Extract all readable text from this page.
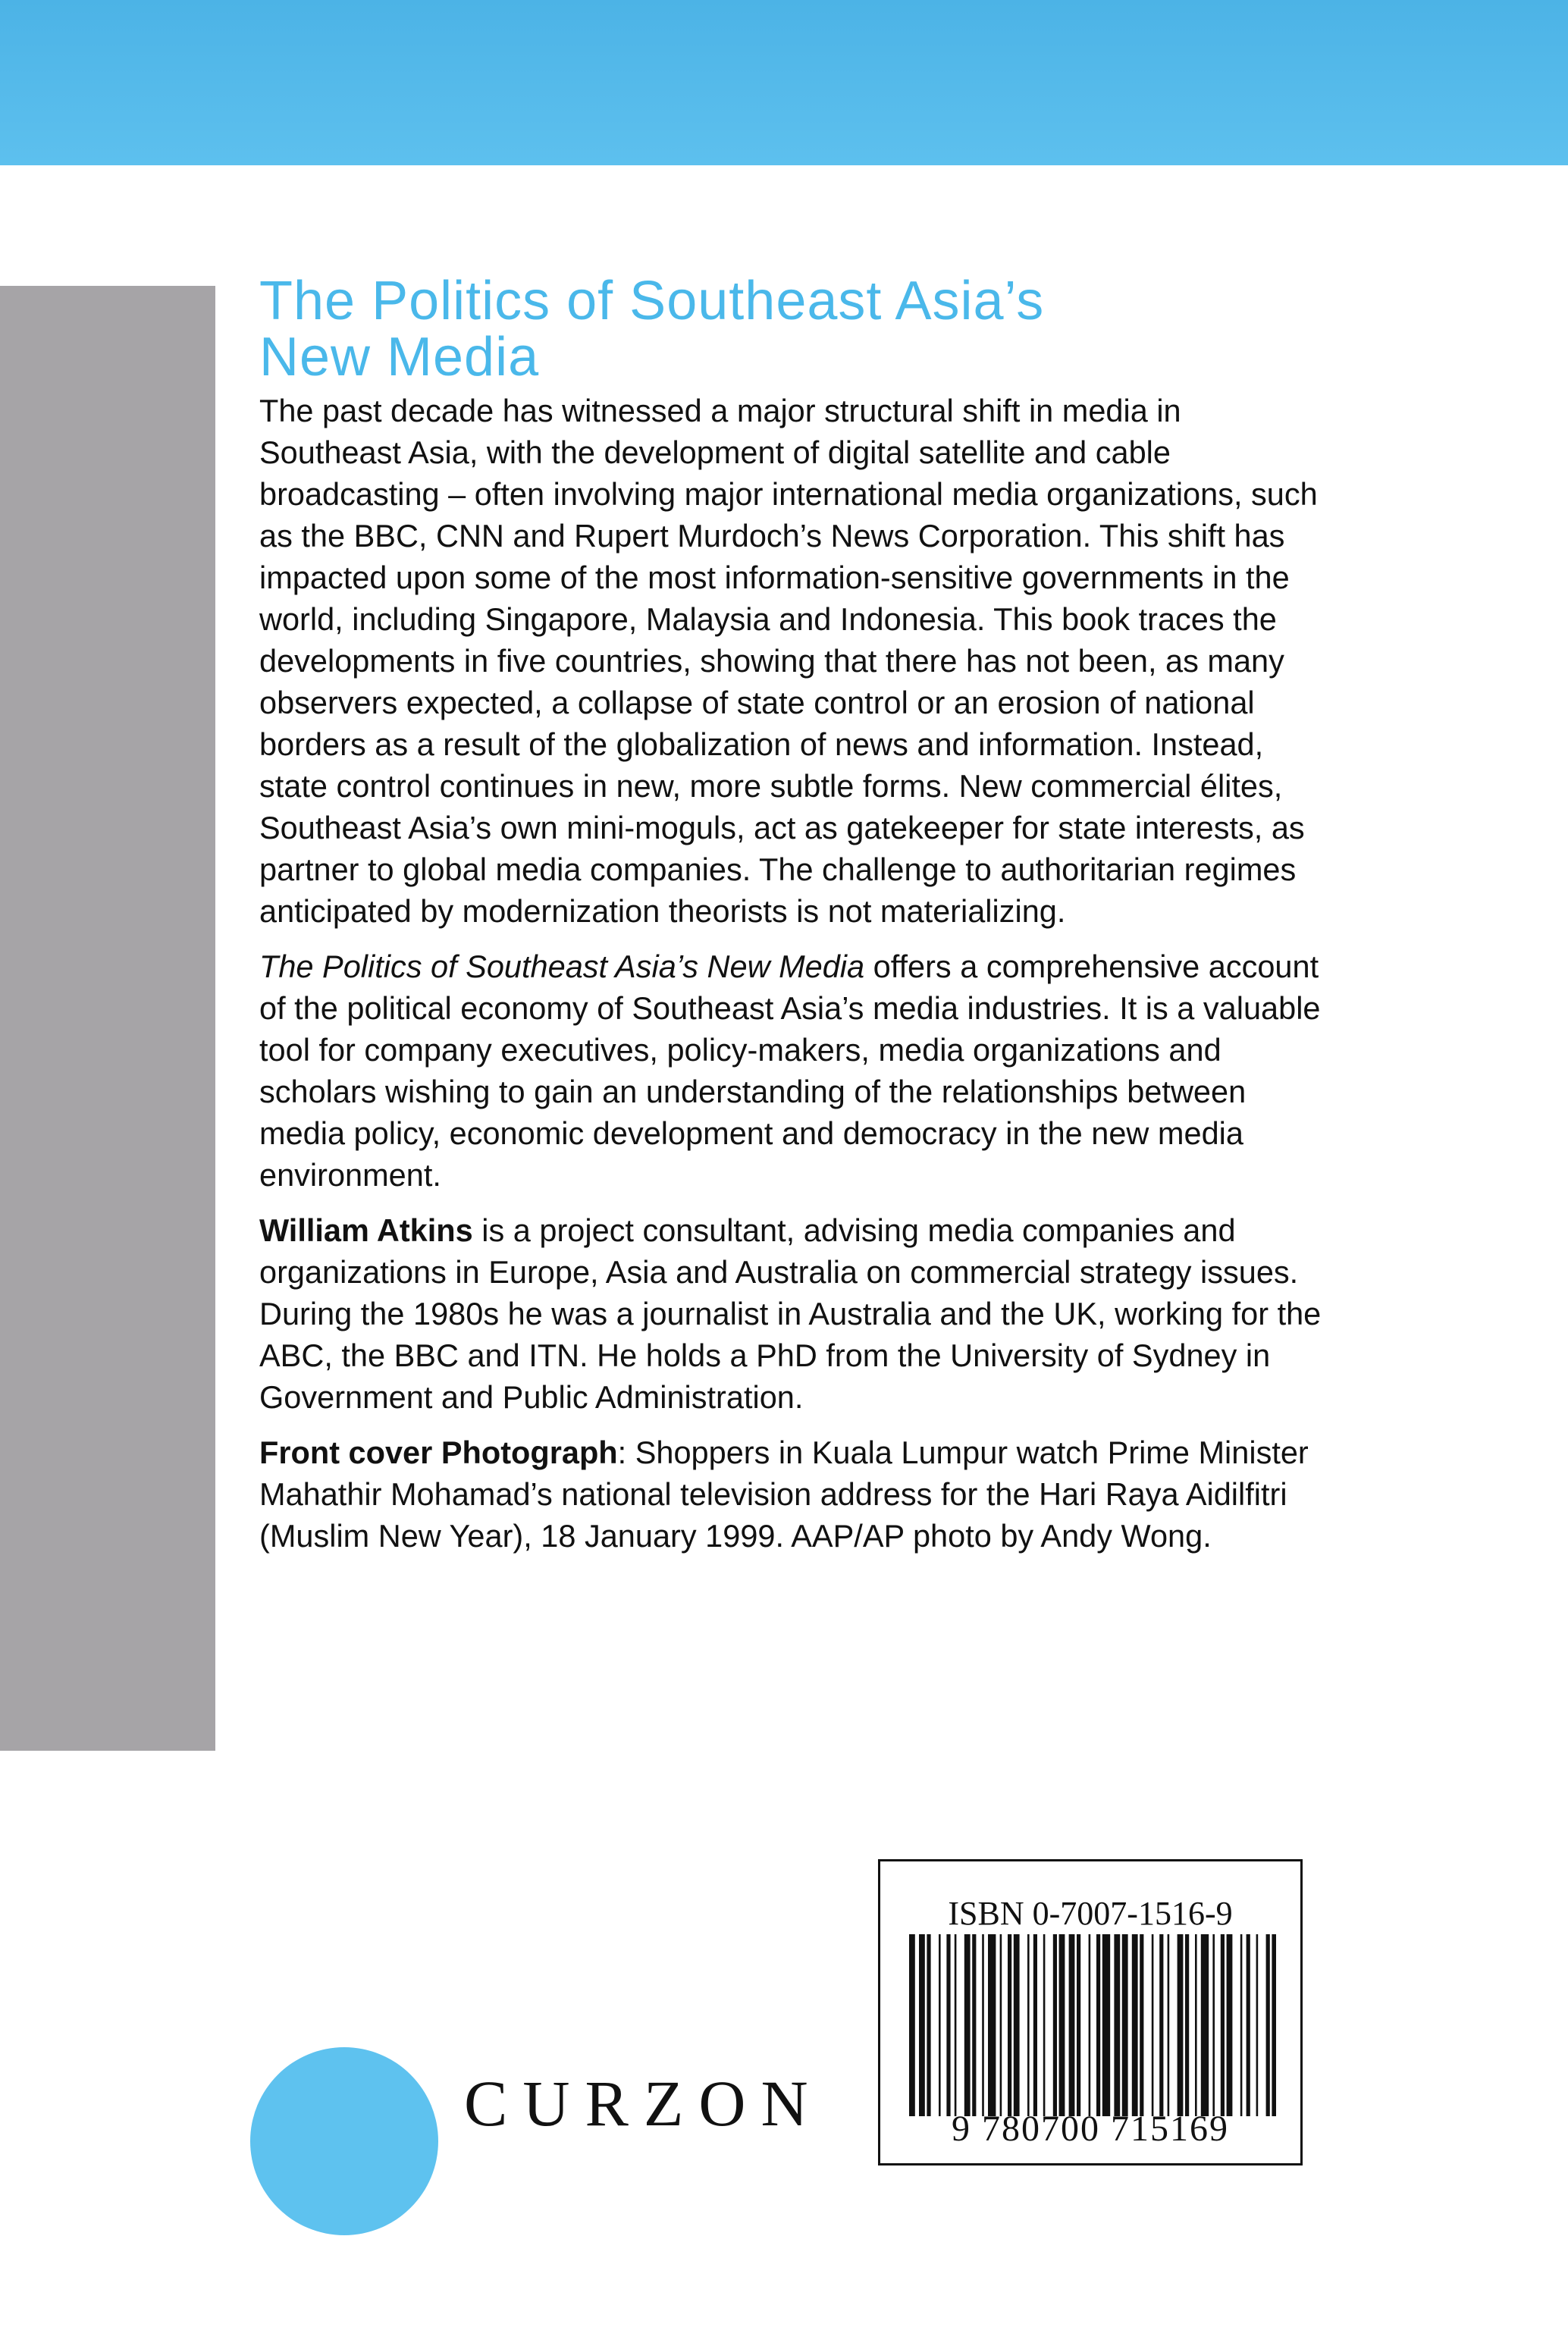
The Politics of Southeast Asia’s
New Media

The past decade has witnessed a major structural shift in media in Southeast Asia, with the development of digital satellite and cable broadcasting – often involving major international media organizations, such as the BBC, CNN and Rupert Murdoch’s News Corporation. This shift has impacted upon some of the most information-sensitive governments in the world, including Singapore, Malaysia and Indonesia. This book traces the developments in five countries, showing that there has not been, as many observers expected, a collapse of state control or an erosion of national borders as a result of the globalization of news and information. Instead, state control continues in new, more subtle forms. New commercial élites, Southeast Asia’s own mini-moguls, act as gatekeeper for state interests, as partner to global media companies. The challenge to authoritarian regimes anticipated by modernization theorists is not materializing.

The Politics of Southeast Asia’s New Media offers a comprehensive account of the political economy of Southeast Asia’s media industries. It is a valuable tool for company executives, policy-makers, media organizations and scholars wishing to gain an understanding of the relationships between media policy, economic development and democracy in the new media environment.

William Atkins is a project consultant, advising media companies and organizations in Europe, Asia and Australia on commercial strategy issues. During the 1980s he was a journalist in Australia and the UK, working for the ABC, the BBC and ITN. He holds a PhD from the University of Sydney in Government and Public Administration.

Front cover Photograph: Shoppers in Kuala Lumpur watch Prime Minister Mahathir Mohamad’s national television address for the Hari Raya Aidilfitri (Muslim New Year), 18 January 1999. AAP/AP photo by Andy Wong.

CURZON
ISBN 0-7007-1516-9
9 780700 715169
